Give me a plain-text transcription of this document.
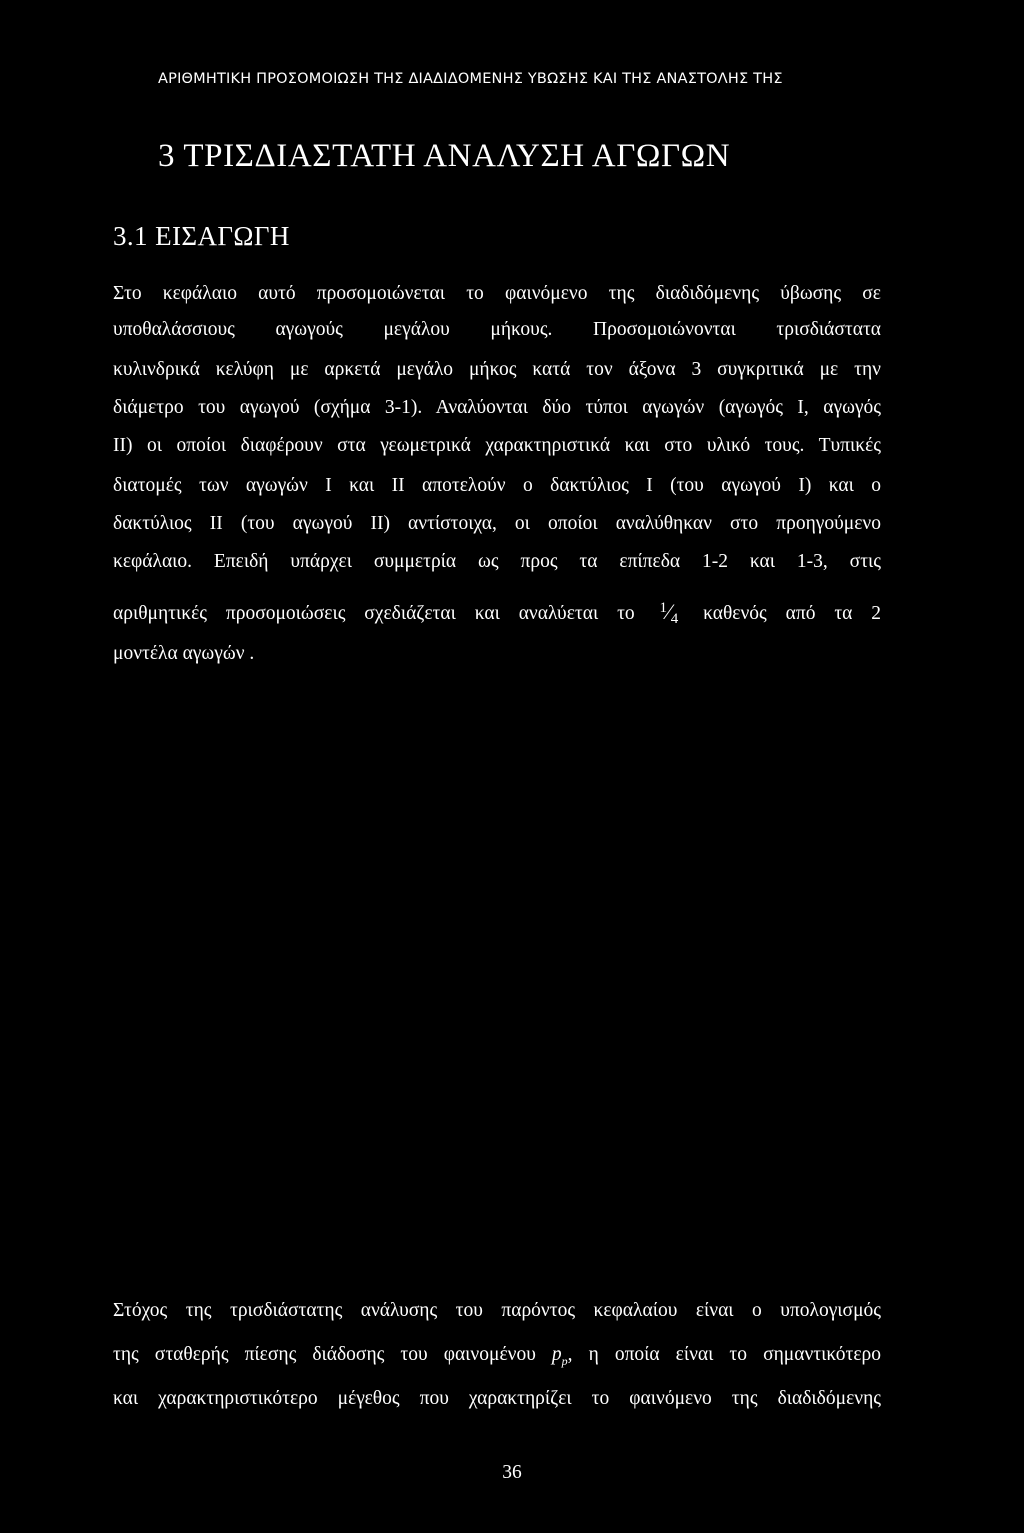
ΑΡΙΘΜΗΤΙΚΗ ΠΡΟΣΟΜΟΙΩΣΗ ΤΗΣ ΔΙΑΔΙΔΟΜΕΝΗΣ ΥΒΩΣΗΣ ΚΑΙ ΤΗΣ ΑΝΑΣΤΟΛΗΣ ΤΗΣ
3 ΤΡΙΣΔΙΑΣΤΑΤΗ ΑΝΑΛΥΣΗ ΑΓΩΓΩΝ
3.1 ΕΙΣΑΓΩΓΗ
Στο κεφάλαιο αυτό προσομοιώνεται το φαινόμενο της διαδιδόμενης ύβωσης σε
υποθαλάσσιους αγωγούς μεγάλου μήκους. Προσομοιώνονται τρισδιάστατα
κυλινδρικά κελύφη με αρκετά μεγάλο μήκος κατά τον άξονα 3 συγκριτικά με την
διάμετρο του αγωγού (σχήμα 3-1). Αναλύονται δύο τύποι αγωγών (αγωγός I, αγωγός
II) οι οποίοι διαφέρουν στα γεωμετρικά χαρακτηριστικά και στο υλικό τους. Τυπικές
διατομές των αγωγών I και II αποτελούν ο δακτύλιος I (του αγωγού I) και ο
δακτύλιος II (του αγωγού II) αντίστοιχα, οι οποίοι αναλύθηκαν στο προηγούμενο
κεφάλαιο. Επειδή υπάρχει συμμετρία ως προς τα επίπεδα 1-2 και 1-3, στις
αριθμητικές προσομοιώσεις σχεδιάζεται και αναλύεται το $^1⁄_4$ καθενός από τα 2
μοντέλα αγωγών .
Στόχος της τρισδιάστατης ανάλυσης του παρόντος κεφαλαίου είναι ο υπολογισμός
της σταθερής πίεσης διάδοσης του φαινομένου $p_p$, η οποία είναι το σημαντικότερο
και χαρακτηριστικότερο μέγεθος που χαρακτηρίζει το φαινόμενο της διαδιδόμενης
36
